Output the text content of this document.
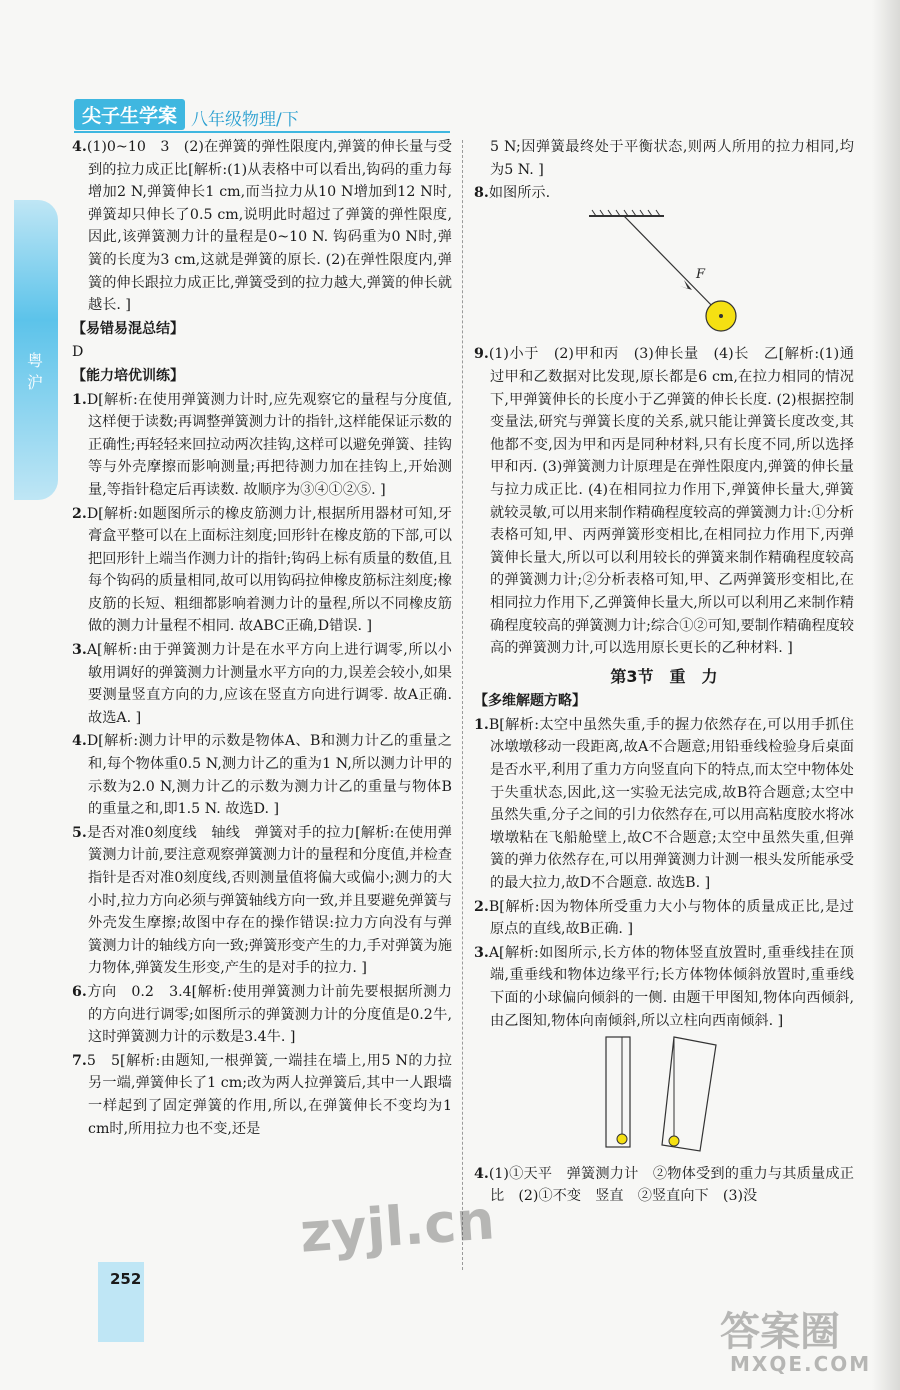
尖子生学案 八年级物理/下
粤沪

4.(1)0~10　3　(2)在弹簧的弹性限度内,弹簧的伸长量与受到的拉力成正比[解析:(1)从表格中可以看出,钩码的重力每增加2 N,弹簧伸长1 cm,而当拉力从10 N增加到12 N时,弹簧却只伸长了0.5 cm,说明此时超过了弹簧的弹性限度,因此,该弹簧测力计的量程是0~10 N. 钩码重为0 N时,弹簧的长度为3 cm,这就是弹簧的原长. (2)在弹性限度内,弹簧的伸长跟拉力成正比,弹簧受到的拉力越大,弹簧的伸长就越长. ]

【易错易混总结】

D

【能力培优训练】

1.D[解析:在使用弹簧测力计时,应先观察它的量程与分度值,这样便于读数;再调整弹簧测力计的指针,这样能保证示数的正确性;再轻轻来回拉动两次挂钩,这样可以避免弹簧、挂钩等与外壳摩擦而影响测量;再把待测力加在挂钩上,开始测量,等指针稳定后再读数. 故顺序为③④①②⑤. ]

2.D[解析:如题图所示的橡皮筋测力计,根据所用器材可知,牙膏盒平整可以在上面标注刻度;回形针在橡皮筋的下部,可以把回形针上端当作测力计的指针;钩码上标有质量的数值,且每个钩码的质量相同,故可以用钩码拉伸橡皮筋标注刻度;橡皮筋的长短、粗细都影响着测力计的量程,所以不同橡皮筋做的测力计量程不相同. 故ABC正确,D错误. ]

3.A[解析:由于弹簧测力计是在水平方向上进行调零,所以小敏用调好的弹簧测力计测量水平方向的力,误差会较小,如果要测量竖直方向的力,应该在竖直方向进行调零. 故A正确. 故选A. ]

4.D[解析:测力计甲的示数是物体A、B和测力计乙的重量之和,每个物体重0.5 N,测力计乙的重为1 N,所以测力计甲的示数为2.0 N,测力计乙的示数为测力计乙的重量与物体B的重量之和,即1.5 N. 故选D. ]

5.是否对准0刻度线　轴线　弹簧对手的拉力[解析:在使用弹簧测力计前,要注意观察弹簧测力计的量程和分度值,并检查指针是否对准0刻度线,否则测量值将偏大或偏小;测力的大小时,拉力方向必须与弹簧轴线方向一致,并且要避免弹簧与外壳发生摩擦;故图中存在的操作错误:拉力方向没有与弹簧测力计的轴线方向一致;弹簧形变产生的力,手对弹簧为施力物体,弹簧发生形变,产生的是对手的拉力. ]

6.方向　0.2　3.4[解析:使用弹簧测力计前先要根据所测力的方向进行调零;如图所示的弹簧测力计的分度值是0.2牛,这时弹簧测力计的示数是3.4牛. ]

7.5　5[解析:由题知,一根弹簧,一端挂在墙上,用5 N的力拉另一端,弹簧伸长了1 cm;改为两人拉弹簧后,其中一人跟墙一样起到了固定弹簧的作用,所以,在弹簧伸长不变均为1 cm时,所用拉力也不变,还是

5 N;因弹簧最终处于平衡状态,则两人所用的拉力相同,均为5 N. ]

8.如图所示.

F

9.(1)小于　(2)甲和丙　(3)伸长量　(4)长　乙[解析:(1)通过甲和乙数据对比发现,原长都是6 cm,在拉力相同的情况下,甲弹簧伸长的长度小于乙弹簧的伸长长度. (2)根据控制变量法,研究与弹簧长度的关系,就只能让弹簧长度改变,其他都不变,因为甲和丙是同种材料,只有长度不同,所以选择甲和丙. (3)弹簧测力计原理是在弹性限度内,弹簧的伸长量与拉力成正比. (4)在相同拉力作用下,弹簧伸长量大,弹簧就较灵敏,可以用来制作精确程度较高的弹簧测力计:①分析表格可知,甲、丙两弹簧形变相比,在相同拉力作用下,丙弹簧伸长量大,所以可以利用较长的弹簧来制作精确程度较高的弹簧测力计;②分析表格可知,甲、乙两弹簧形变相比,在相同拉力作用下,乙弹簧伸长量大,所以可以利用乙来制作精确程度较高的弹簧测力计;综合①②可知,要制作精确程度较高的弹簧测力计,可以选用原长更长的乙种材料. ]

第3节　重　力

【多维解题方略】

1.B[解析:太空中虽然失重,手的握力依然存在,可以用手抓住冰墩墩移动一段距离,故A不合题意;用铅垂线检验身后桌面是否水平,利用了重力方向竖直向下的特点,而太空中物体处于失重状态,因此,这一实验无法完成,故B符合题意;太空中虽然失重,分子之间的引力依然存在,可以用高粘度胶水将冰墩墩粘在飞船舱壁上,故C不合题意;太空中虽然失重,但弹簧的弹力依然存在,可以用弹簧测力计测一根头发所能承受的最大拉力,故D不合题意. 故选B. ]

2.B[解析:因为物体所受重力大小与物体的质量成正比,是过原点的直线,故B正确. ]

3.A[解析:如图所示,长方体的物体竖直放置时,重垂线挂在顶端,重垂线和物体边缘平行;长方体物体倾斜放置时,重垂线下面的小球偏向倾斜的一侧. 由题干甲图知,物体向西倾斜,由乙图知,物体向南倾斜,所以立柱向西南倾斜. ]

4.(1)①天平　弹簧测力计　②物体受到的重力与其质量成正比　(2)①不变　竖直　②竖直向下　(3)没

252
zyjl.cn
答案圈
MXQE.COM
